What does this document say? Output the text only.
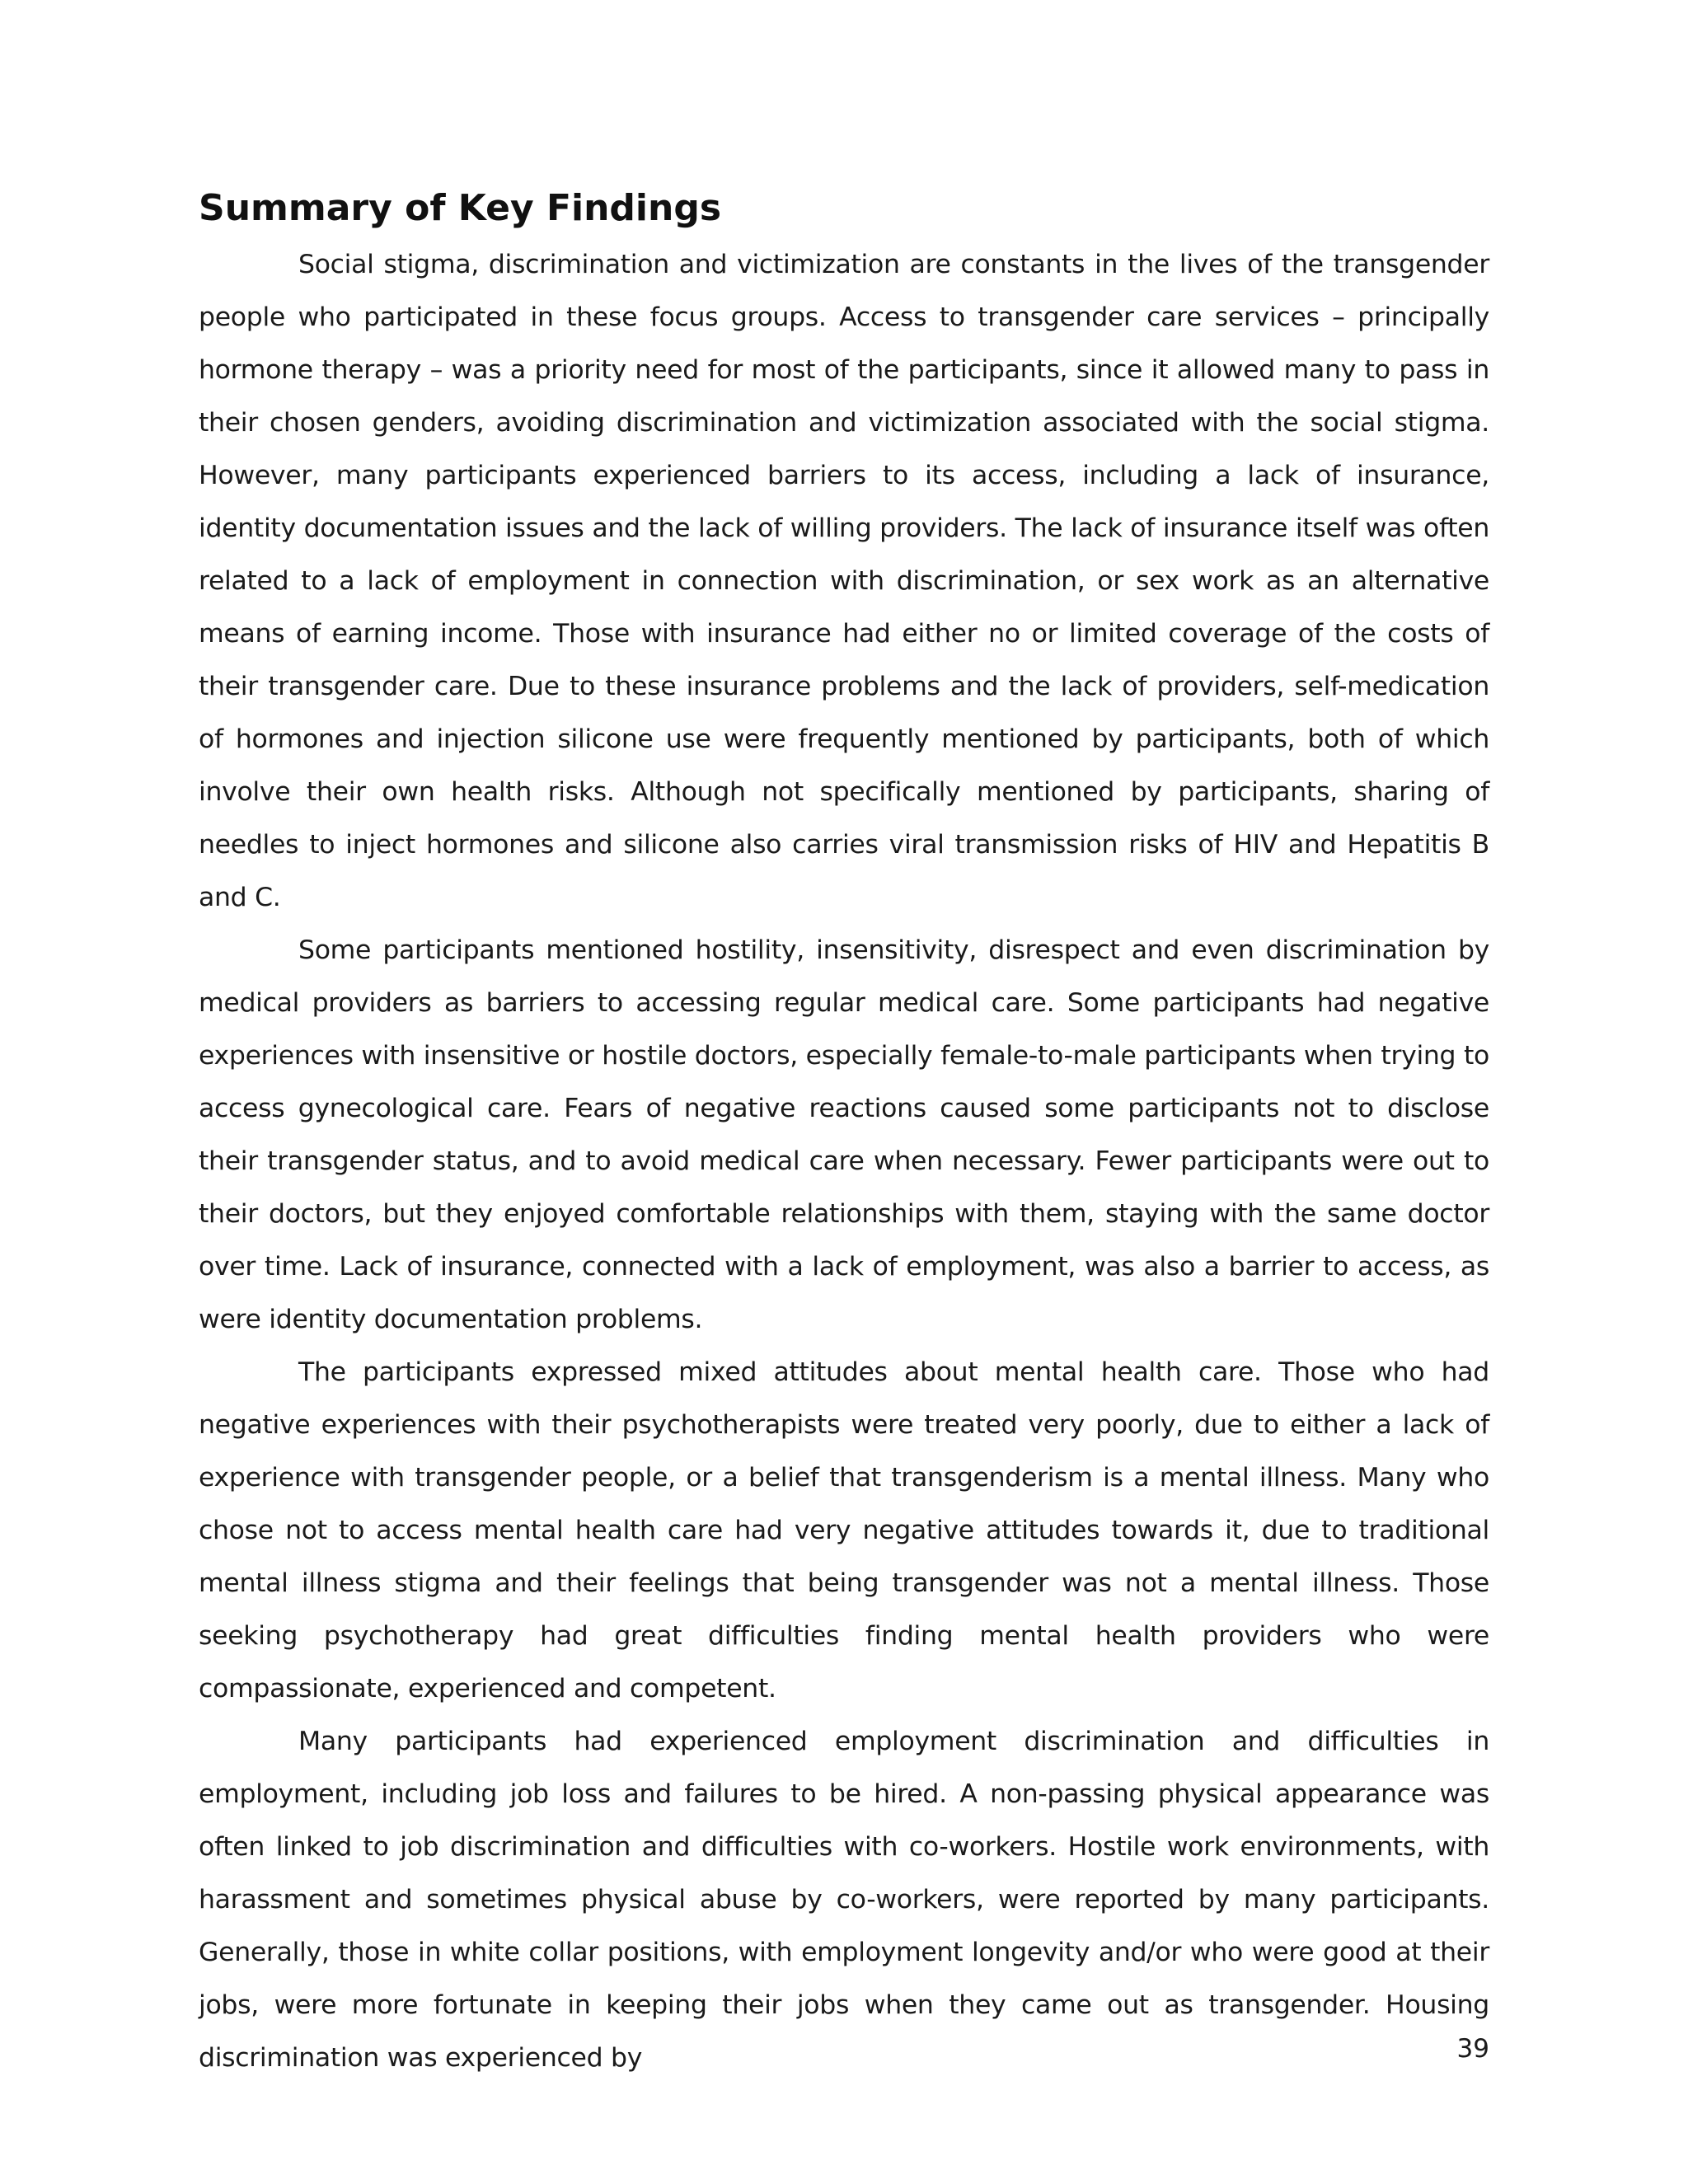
Summary of Key Findings

Social stigma, discrimination and victimization are constants in the lives of the transgender people who participated in these focus groups. Access to transgender care services – principally hormone therapy – was a priority need for most of the participants, since it allowed many to pass in their chosen genders, avoiding discrimination and victimization associated with the social stigma. However, many participants experienced barriers to its access, including a lack of insurance, identity documentation issues and the lack of willing providers. The lack of insurance itself was often related to a lack of employment in connection with discrimination, or sex work as an alternative means of earning income. Those with insurance had either no or limited coverage of the costs of their transgender care. Due to these insurance problems and the lack of providers, self-medication of hormones and injection silicone use were frequently mentioned by participants, both of which involve their own health risks. Although not specifically mentioned by participants, sharing of needles to inject hormones and silicone also carries viral transmission risks of HIV and Hepatitis B and C.

Some participants mentioned hostility, insensitivity, disrespect and even discrimination by medical providers as barriers to accessing regular medical care. Some participants had negative experiences with insensitive or hostile doctors, especially female-to-male participants when trying to access gynecological care. Fears of negative reactions caused some participants not to disclose their transgender status, and to avoid medical care when necessary. Fewer participants were out to their doctors, but they enjoyed comfortable relationships with them, staying with the same doctor over time. Lack of insurance, connected with a lack of employment, was also a barrier to access, as were identity documentation problems.

The participants expressed mixed attitudes about mental health care. Those who had negative experiences with their psychotherapists were treated very poorly, due to either a lack of experience with transgender people, or a belief that transgenderism is a mental illness. Many who chose not to access mental health care had very negative attitudes towards it, due to traditional mental illness stigma and their feelings that being transgender was not a mental illness. Those seeking psychotherapy had great difficulties finding mental health providers who were compassionate, experienced and competent.

Many participants had experienced employment discrimination and difficulties in employment, including job loss and failures to be hired. A non-passing physical appearance was often linked to job discrimination and difficulties with co-workers. Hostile work environments, with harassment and sometimes physical abuse by co-workers, were reported by many participants. Generally, those in white collar positions, with employment longevity and/or who were good at their jobs, were more fortunate in keeping their jobs when they came out as transgender. Housing discrimination was experienced by	39
